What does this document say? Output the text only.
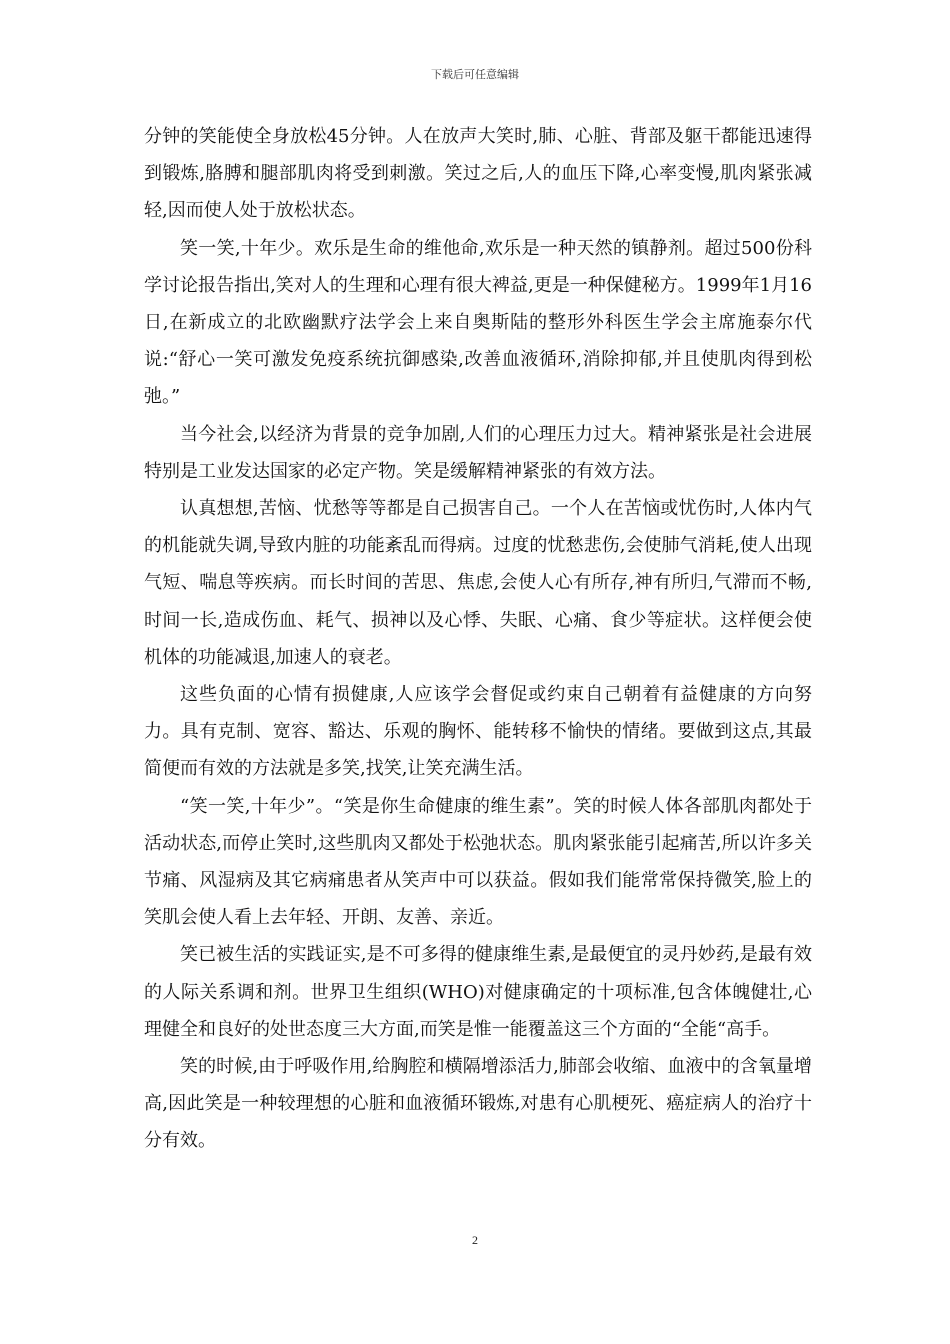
下载后可任意编辑

分钟的笑能使全身放松45分钟。人在放声大笑时,肺、心脏、背部及躯干都能迅速得到锻炼,胳膊和腿部肌肉将受到刺激。笑过之后,人的血压下降,心率变慢,肌肉紧张减轻,因而使人处于放松状态。

笑一笑,十年少。欢乐是生命的维他命,欢乐是一种天然的镇静剂。超过500份科学讨论报告指出,笑对人的生理和心理有很大裨益,更是一种保健秘方。1999年1月16日,在新成立的北欧幽默疗法学会上来自奥斯陆的整形外科医生学会主席施泰尔代说:“舒心一笑可激发免疫系统抗御感染,改善血液循环,消除抑郁,并且使肌肉得到松弛。”

当今社会,以经济为背景的竞争加剧,人们的心理压力过大。精神紧张是社会进展特别是工业发达国家的必定产物。笑是缓解精神紧张的有效方法。

认真想想,苦恼、忧愁等等都是自己损害自己。一个人在苦恼或忧伤时,人体内气的机能就失调,导致内脏的功能紊乱而得病。过度的忧愁悲伤,会使肺气消耗,使人出现气短、喘息等疾病。而长时间的苦思、焦虑,会使人心有所存,神有所归,气滞而不畅,时间一长,造成伤血、耗气、损神以及心悸、失眠、心痛、食少等症状。这样便会使机体的功能减退,加速人的衰老。

这些负面的心情有损健康,人应该学会督促或约束自己朝着有益健康的方向努力。具有克制、宽容、豁达、乐观的胸怀、能转移不愉快的情绪。要做到这点,其最简便而有效的方法就是多笑,找笑,让笑充满生活。

“笑一笑,十年少”。“笑是你生命健康的维生素”。笑的时候人体各部肌肉都处于活动状态,而停止笑时,这些肌肉又都处于松弛状态。肌肉紧张能引起痛苦,所以许多关节痛、风湿病及其它病痛患者从笑声中可以获益。假如我们能常常保持微笑,脸上的笑肌会使人看上去年轻、开朗、友善、亲近。

笑已被生活的实践证实,是不可多得的健康维生素,是最便宜的灵丹妙药,是最有效的人际关系调和剂。世界卫生组织(WHO)对健康确定的十项标准,包含体魄健壮,心理健全和良好的处世态度三大方面,而笑是惟一能覆盖这三个方面的“全能“高手。

笑的时候,由于呼吸作用,给胸腔和横隔增添活力,肺部会收缩、血液中的含氧量增高,因此笑是一种较理想的心脏和血液循环锻炼,对患有心肌梗死、癌症病人的治疗十分有效。

2
